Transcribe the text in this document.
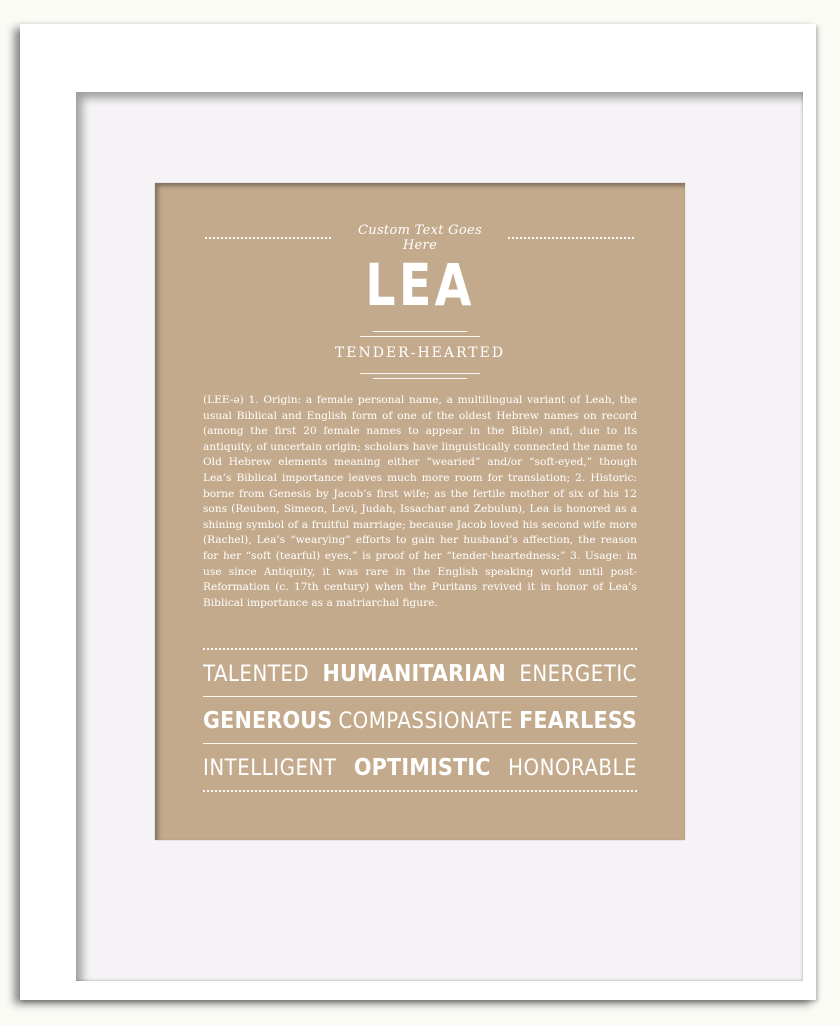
Custom Text Goes Here
LEA
TENDER-HEARTED
(LEE-ə) 1. Origin: a female personal name, a multilingual variant of Leah, the usual Biblical and English form of one of the oldest Hebrew names on record (among the first 20 female names to appear in the Bible) and, due to its antiquity, of uncertain origin; scholars have linguistically connected the name to Old Hebrew elements meaning either “wearied” and/or “soft-eyed,” though Lea’s Biblical importance leaves much more room for translation; 2. Historic: borne from Genesis by Jacob’s first wife; as the fertile mother of six of his 12 sons (Reuben, Simeon, Levi, Judah, Issachar and Zebulun), Lea is honored as a shining symbol of a fruitful marriage; because Jacob loved his second wife more (Rachel), Lea’s “wearying” efforts to gain her husband’s affection, the reason for her “soft (tearful) eyes,” is proof of her “tender-heartedness;” 3. Usage: in use since Antiquity, it was rare in the English speaking world until post-Reformation (c. 17th century) when the Puritans revived it in honor of Lea’s Biblical importance as a matriarchal figure.
TALENTED HUMANITARIAN ENERGETIC
GENEROUS COMPASSIONATE FEARLESS
INTELLIGENT OPTIMISTIC HONORABLE
